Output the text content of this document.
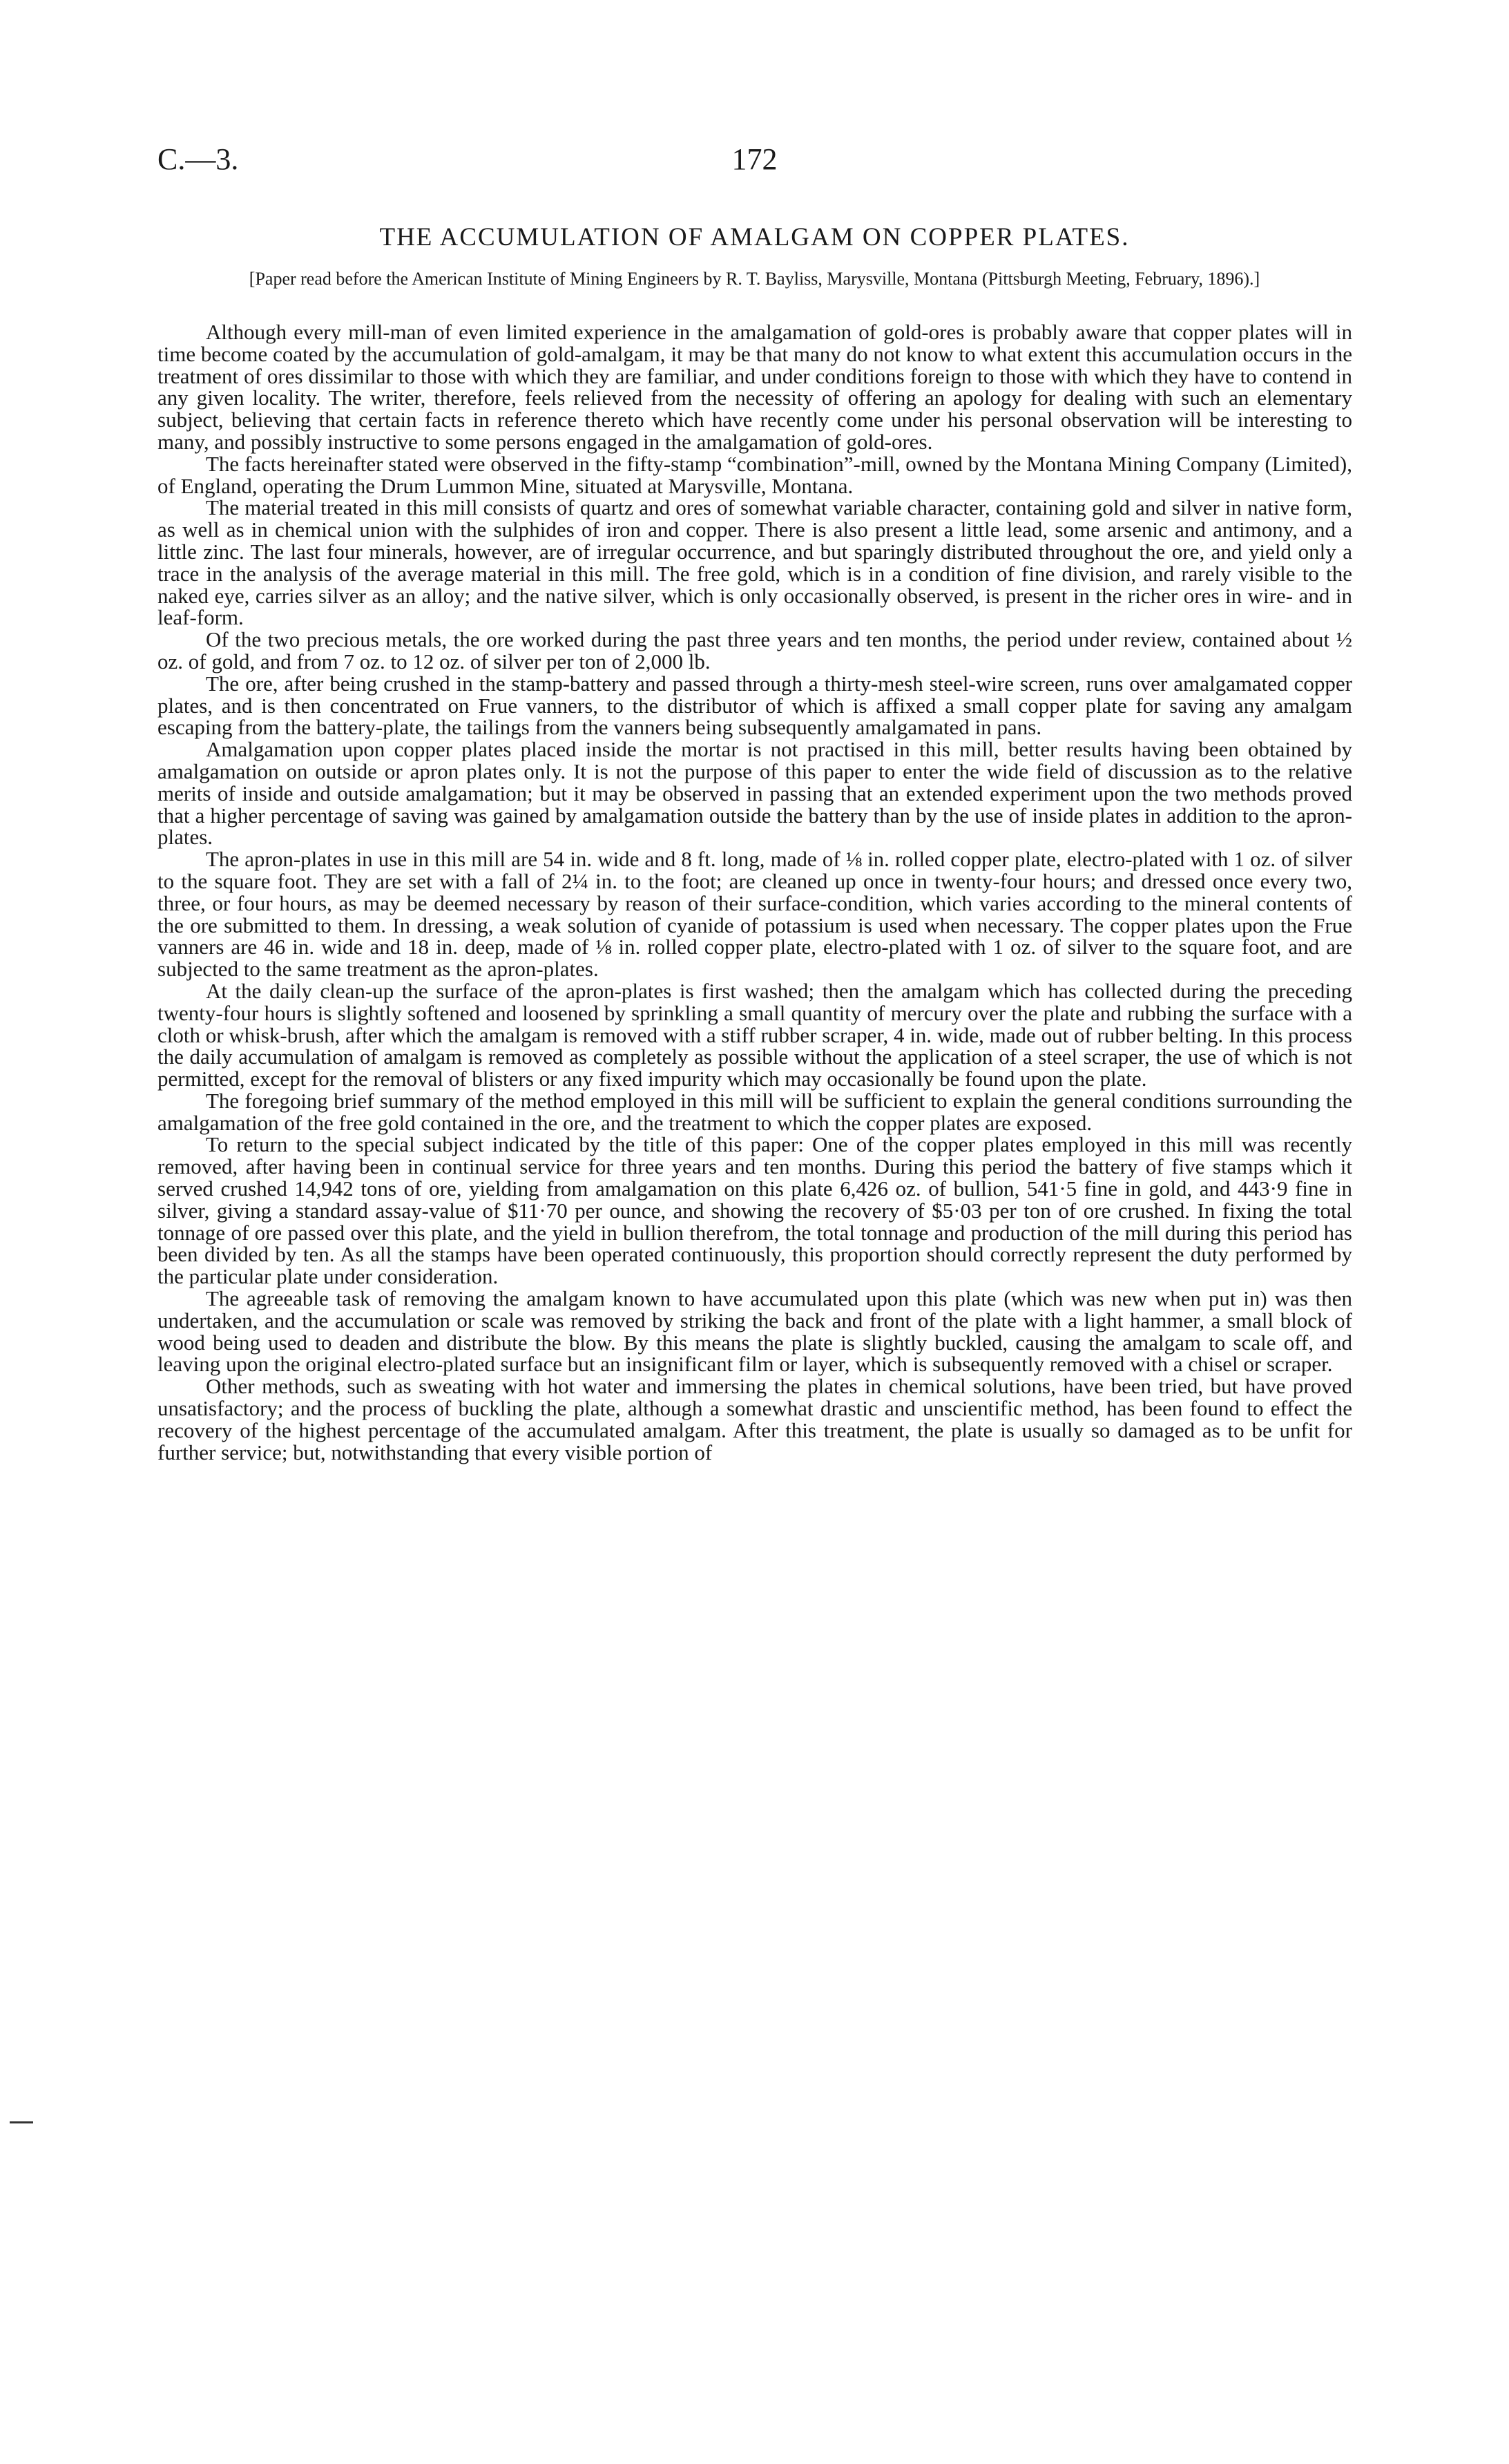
C.—3.	172
THE ACCUMULATION OF AMALGAM ON COPPER PLATES.
[Paper read before the American Institute of Mining Engineers by R. T. Bayliss, Marysville, Montana (Pittsburgh Meeting, February, 1896).]

Although every mill-man of even limited experience in the amalgamation of gold-ores is probably aware that copper plates will in time become coated by the accumulation of gold-amalgam, it may be that many do not know to what extent this accumulation occurs in the treatment of ores dissimilar to those with which they are familiar, and under conditions foreign to those with which they have to contend in any given locality. The writer, therefore, feels relieved from the necessity of offering an apology for dealing with such an elementary subject, believing that certain facts in reference thereto which have recently come under his personal observation will be interesting to many, and possibly instructive to some persons engaged in the amalgamation of gold-ores.

The facts hereinafter stated were observed in the fifty-stamp “combination”-mill, owned by the Montana Mining Company (Limited), of England, operating the Drum Lummon Mine, situated at Marysville, Montana.

The material treated in this mill consists of quartz and ores of somewhat variable character, containing gold and silver in native form, as well as in chemical union with the sulphides of iron and copper. There is also present a little lead, some arsenic and antimony, and a little zinc. The last four minerals, however, are of irregular occurrence, and but sparingly distributed throughout the ore, and yield only a trace in the analysis of the average material in this mill. The free gold, which is in a condition of fine division, and rarely visible to the naked eye, carries silver as an alloy; and the native silver, which is only occasionally observed, is present in the richer ores in wire- and in leaf-form.

Of the two precious metals, the ore worked during the past three years and ten months, the period under review, contained about ½ oz. of gold, and from 7 oz. to 12 oz. of silver per ton of 2,000 lb.

The ore, after being crushed in the stamp-battery and passed through a thirty-mesh steel-wire screen, runs over amalgamated copper plates, and is then concentrated on Frue vanners, to the distributor of which is affixed a small copper plate for saving any amalgam escaping from the battery-plate, the tailings from the vanners being subsequently amalgamated in pans.

Amalgamation upon copper plates placed inside the mortar is not practised in this mill, better results having been obtained by amalgamation on outside or apron plates only. It is not the purpose of this paper to enter the wide field of discussion as to the relative merits of inside and outside amalgamation; but it may be observed in passing that an extended experiment upon the two methods proved that a higher percentage of saving was gained by amalgamation outside the battery than by the use of inside plates in addition to the apron-plates.

The apron-plates in use in this mill are 54 in. wide and 8 ft. long, made of ⅛ in. rolled copper plate, electro-plated with 1 oz. of silver to the square foot. They are set with a fall of 2¼ in. to the foot; are cleaned up once in twenty-four hours; and dressed once every two, three, or four hours, as may be deemed necessary by reason of their surface-condition, which varies according to the mineral contents of the ore submitted to them. In dressing, a weak solution of cyanide of potassium is used when necessary. The copper plates upon the Frue vanners are 46 in. wide and 18 in. deep, made of ⅛ in. rolled copper plate, electro-plated with 1 oz. of silver to the square foot, and are subjected to the same treatment as the apron-plates.

At the daily clean-up the surface of the apron-plates is first washed; then the amalgam which has collected during the preceding twenty-four hours is slightly softened and loosened by sprinkling a small quantity of mercury over the plate and rubbing the surface with a cloth or whisk-brush, after which the amalgam is removed with a stiff rubber scraper, 4 in. wide, made out of rubber belting. In this process the daily accumulation of amalgam is removed as completely as possible without the application of a steel scraper, the use of which is not permitted, except for the removal of blisters or any fixed impurity which may occasionally be found upon the plate.

The foregoing brief summary of the method employed in this mill will be sufficient to explain the general conditions surrounding the amalgamation of the free gold contained in the ore, and the treatment to which the copper plates are exposed.

To return to the special subject indicated by the title of this paper: One of the copper plates employed in this mill was recently removed, after having been in continual service for three years and ten months. During this period the battery of five stamps which it served crushed 14,942 tons of ore, yielding from amalgamation on this plate 6,426 oz. of bullion, 541·5 fine in gold, and 443·9 fine in silver, giving a standard assay-value of $11·70 per ounce, and showing the recovery of $5·03 per ton of ore crushed. In fixing the total tonnage of ore passed over this plate, and the yield in bullion therefrom, the total tonnage and production of the mill during this period has been divided by ten. As all the stamps have been operated continuously, this proportion should correctly represent the duty performed by the particular plate under consideration.

The agreeable task of removing the amalgam known to have accumulated upon this plate (which was new when put in) was then undertaken, and the accumulation or scale was removed by striking the back and front of the plate with a light hammer, a small block of wood being used to deaden and distribute the blow. By this means the plate is slightly buckled, causing the amalgam to scale off, and leaving upon the original electro-plated surface but an insignificant film or layer, which is subsequently removed with a chisel or scraper.

Other methods, such as sweating with hot water and immersing the plates in chemical solutions, have been tried, but have proved unsatisfactory; and the process of buckling the plate, although a somewhat drastic and unscientific method, has been found to effect the recovery of the highest percentage of the accumulated amalgam. After this treatment, the plate is usually so damaged as to be unfit for further service; but, notwithstanding that every visible portion of
